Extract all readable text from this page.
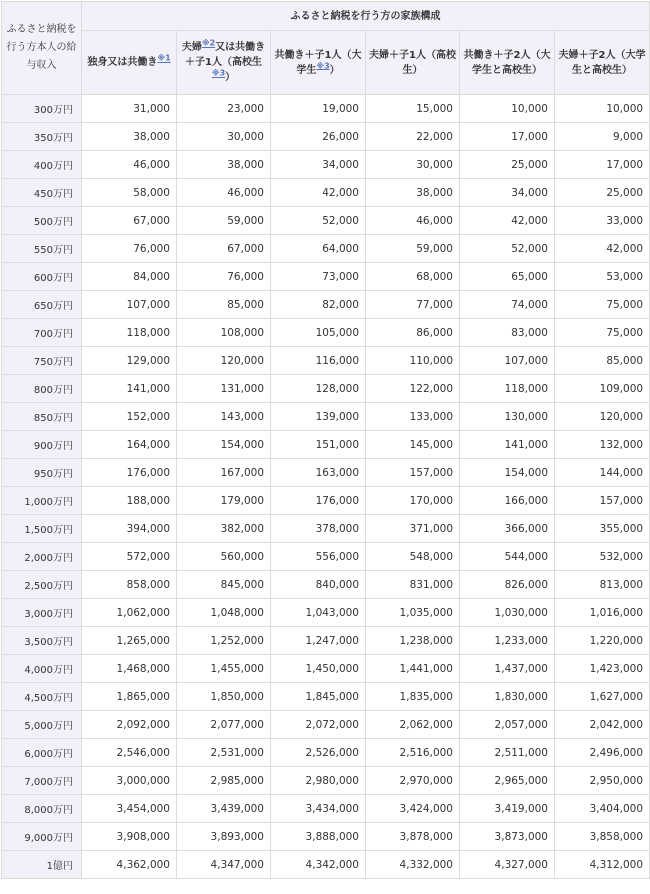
ふるさと納税を行う方本人の給与収入	ふるさと納税を行う方の家族構成					
	独身又は共働き$^{※1}$	夫婦$^{※2}$又は共働き＋子1人（高校生$^{※3}$）	共働き＋子1人（大学生$^{※3}$）	夫婦＋子1人（高校生）	共働き＋子2人（大学生と高校生）	夫婦＋子2人（大学生と高校生）
300万円	31,000	23,000	19,000	15,000	10,000	10,000
350万円	38,000	30,000	26,000	22,000	17,000	9,000
400万円	46,000	38,000	34,000	30,000	25,000	17,000
450万円	58,000	46,000	42,000	38,000	34,000	25,000
500万円	67,000	59,000	52,000	46,000	42,000	33,000
550万円	76,000	67,000	64,000	59,000	52,000	42,000
600万円	84,000	76,000	73,000	68,000	65,000	53,000
650万円	107,000	85,000	82,000	77,000	74,000	75,000
700万円	118,000	108,000	105,000	86,000	83,000	75,000
750万円	129,000	120,000	116,000	110,000	107,000	85,000
800万円	141,000	131,000	128,000	122,000	118,000	109,000
850万円	152,000	143,000	139,000	133,000	130,000	120,000
900万円	164,000	154,000	151,000	145,000	141,000	132,000
950万円	176,000	167,000	163,000	157,000	154,000	144,000
1,000万円	188,000	179,000	176,000	170,000	166,000	157,000
1,500万円	394,000	382,000	378,000	371,000	366,000	355,000
2,000万円	572,000	560,000	556,000	548,000	544,000	532,000
2,500万円	858,000	845,000	840,000	831,000	826,000	813,000
3,000万円	1,062,000	1,048,000	1,043,000	1,035,000	1,030,000	1,016,000
3,500万円	1,265,000	1,252,000	1,247,000	1,238,000	1,233,000	1,220,000
4,000万円	1,468,000	1,455,000	1,450,000	1,441,000	1,437,000	1,423,000
4,500万円	1,865,000	1,850,000	1,845,000	1,835,000	1,830,000	1,627,000
5,000万円	2,092,000	2,077,000	2,072,000	2,062,000	2,057,000	2,042,000
6,000万円	2,546,000	2,531,000	2,526,000	2,516,000	2,511,000	2,496,000
7,000万円	3,000,000	2,985,000	2,980,000	2,970,000	2,965,000	2,950,000
8,000万円	3,454,000	3,439,000	3,434,000	3,424,000	3,419,000	3,404,000
9,000万円	3,908,000	3,893,000	3,888,000	3,878,000	3,873,000	3,858,000
1億円	4,362,000	4,347,000	4,342,000	4,332,000	4,327,000	4,312,000
